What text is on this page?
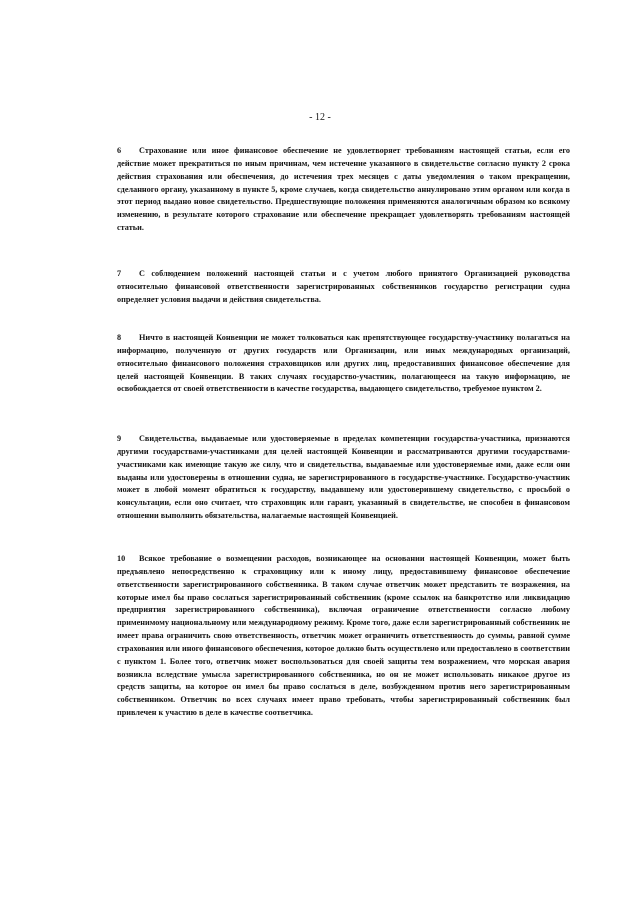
- 12 -
6 Страхование или иное финансовое обеспечение не удовлетворяет требованиям настоящей статьи, если его действие может прекратиться по иным причинам, чем истечение указанного в свидетельстве согласно пункту 2 срока действия страхования или обеспечения, до истечения трех месяцев с даты уведомления о таком прекращении, сделанного органу, указанному в пункте 5, кроме случаев, когда свидетельство аннулировано этим органом или когда в этот период выдано новое свидетельство. Предшествующие положения применяются аналогичным образом ко всякому изменению, в результате которого страхование или обеспечение прекращает удовлетворять требованиям настоящей статьи.
7 С соблюдением положений настоящей статьи и с учетом любого принятого Организацией руководства относительно финансовой ответственности зарегистрированных собственников государство регистрации судна определяет условия выдачи и действия свидетельства.
8 Ничто в настоящей Конвенции не может толковаться как препятствующее государству-участнику полагаться на информацию, полученную от других государств или Организации, или иных международных организаций, относительно финансового положения страховщиков или других лиц, предоставивших финансовое обеспечение для целей настоящей Конвенции. В таких случаях государство-участник, полагающееся на такую информацию, не освобождается от своей ответственности в качестве государства, выдающего свидетельство, требуемое пунктом 2.
9 Свидетельства, выдаваемые или удостоверяемые в пределах компетенции государства-участника, признаются другими государствами-участниками для целей настоящей Конвенции и рассматриваются другими государствами-участниками как имеющие такую же силу, что и свидетельства, выдаваемые или удостоверяемые ими, даже если они выданы или удостоверены в отношении судна, не зарегистрированного в государстве-участнике. Государство-участник может в любой момент обратиться к государству, выдавшему или удостоверившему свидетельство, с просьбой о консультации, если оно считает, что страховщик или гарант, указанный в свидетельстве, не способен в финансовом отношении выполнить обязательства, налагаемые настоящей Конвенцией.
10 Всякое требование о возмещении расходов, возникающее на основании настоящей Конвенции, может быть предъявлено непосредственно к страховщику или к иному лицу, предоставившему финансовое обеспечение ответственности зарегистрированного собственника. В таком случае ответчик может представить те возражения, на которые имел бы право сослаться зарегистрированный собственник (кроме ссылок на банкротство или ликвидацию предприятия зарегистрированного собственника), включая ограничение ответственности согласно любому применимому национальному или международному режиму. Кроме того, даже если зарегистрированный собственник не имеет права ограничить свою ответственность, ответчик может ограничить ответственность до суммы, равной сумме страхования или иного финансового обеспечения, которое должно быть осуществлено или предоставлено в соответствии с пунктом 1. Более того, ответчик может воспользоваться для своей защиты тем возражением, что морская авария возникла вследствие умысла зарегистрированного собственника, но он не может использовать никакое другое из средств защиты, на которое он имел бы право сослаться в деле, возбужденном против него зарегистрированным собственником. Ответчик во всех случаях имеет право требовать, чтобы зарегистрированный собственник был привлечен к участию в деле в качестве соответчика.
